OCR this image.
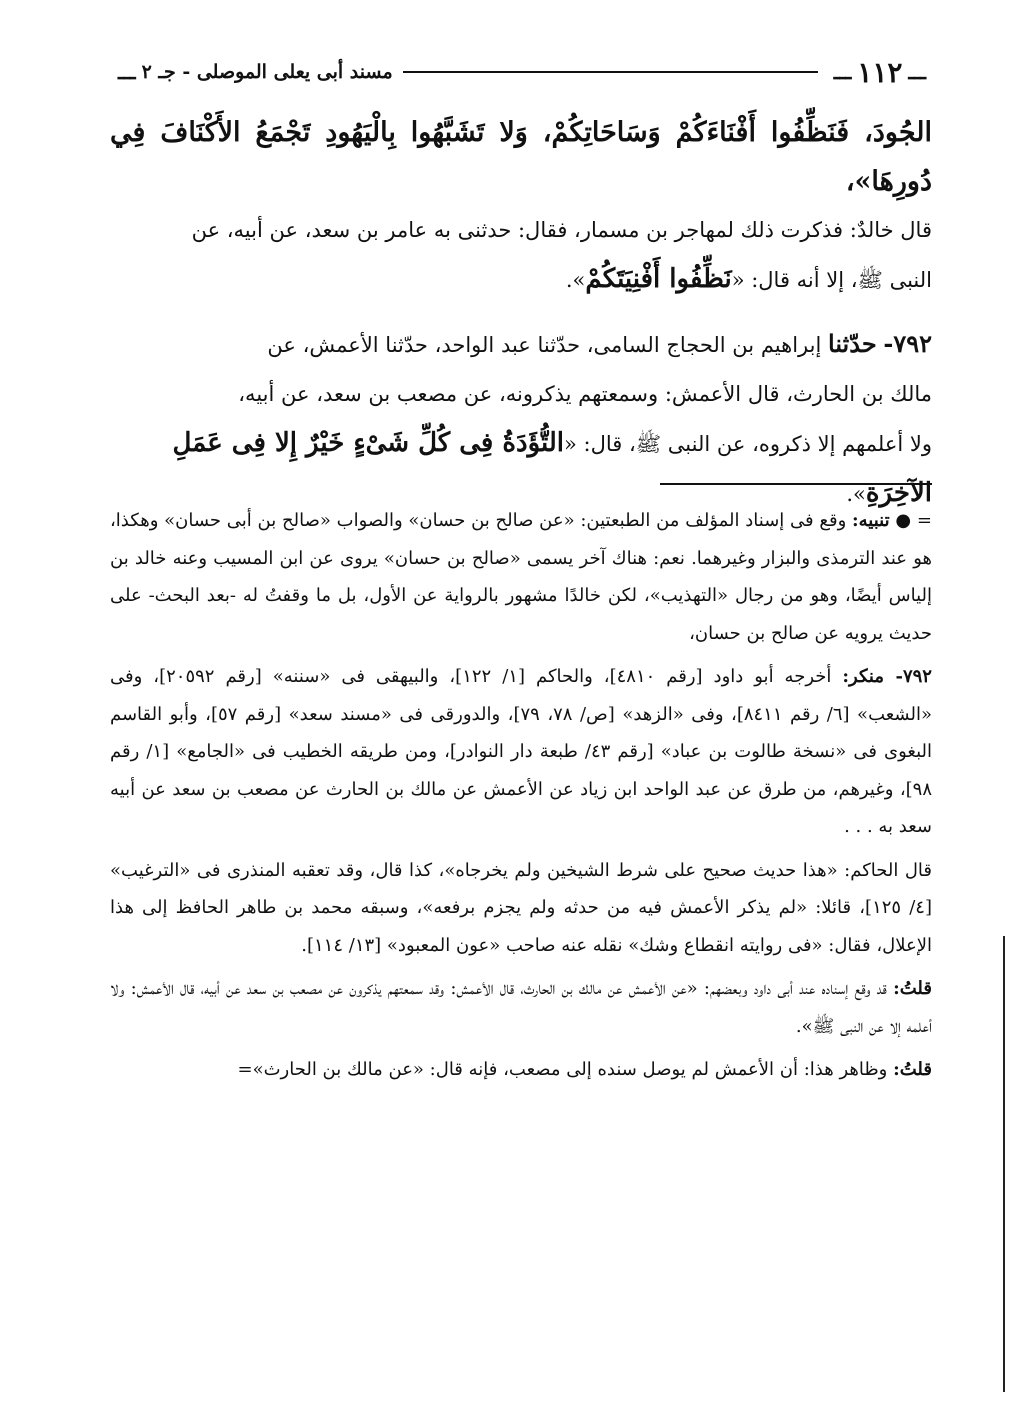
ـــ
١١٢
ـــ
مسند أبى يعلى الموصلى - جـ ٢
ـــ

الجُودَ، فَنَظِّفُوا أَفْنَاءَكُمْ وَسَاحَاتِكُمْ، وَلا تَشَبَّهُوا بِالْيَهُودِ تَجْمَعُ الأَكْنَافَ فِي دُورِهَا»،
قال خالدٌ: فذكرت ذلك لمهاجر بن مسمار، فقال: حدثنى به عامر بن سعد، عن أبيه، عن
النبى ﷺ، إلا أنه قال: «نَظِّفُوا أَفْنِيَتَكُمْ».

٧٩٢- حدّثنا إبراهيم بن الحجاج السامى، حدّثنا عبد الواحد، حدّثنا الأعمش، عن
مالك بن الحارث، قال الأعمش: وسمعتهم يذكرونه، عن مصعب بن سعد، عن أبيه،
ولا أعلمهم إلا ذكروه، عن النبى ﷺ، قال: «التُّؤَدَةُ فِى كُلِّ شَىْءٍ خَيْرٌ إِلا فِى عَمَلِ
الآخِرَةِ».

= ● تنبيه: وقع فى إسناد المؤلف من الطبعتين: «عن صالح بن حسان» والصواب «صالح بن أبى حسان» وهكذا، هو عند الترمذى والبزار وغيرهما. نعم: هناك آخر يسمى «صالح بن حسان» يروى عن ابن المسيب وعنه خالد بن إلياس أيضًا، وهو من رجال «التهذيب»، لكن خالدًا مشهور بالرواية عن الأول، بل ما وقفتُ له -بعد البحث- على حديث يرويه عن صالح بن حسان،

٧٩٢- منكر: أخرجه أبو داود [رقم ٤٨١٠]، والحاكم [١/ ١٢٢]، والبيهقى فى «سننه» [رقم ٢٠٥٩٢]، وفى «الشعب» [٦/ رقم ٨٤١١]، وفى «الزهد» [ص/ ٧٨، ٧٩]، والدورقى فى «مسند سعد» [رقم ٥٧]، وأبو القاسم البغوى فى «نسخة طالوت بن عباد» [رقم ٤٣/ طبعة دار النوادر]، ومن طريقه الخطيب فى «الجامع» [١/ رقم ٩٨]، وغيرهم، من طرق عن عبد الواحد ابن زياد عن الأعمش عن مالك بن الحارث عن مصعب بن سعد عن أبيه سعد به . . .

قال الحاكم: «هذا حديث صحيح على شرط الشيخين ولم يخرجاه»، كذا قال، وقد تعقبه المنذرى فى «الترغيب» [٤/ ١٢٥]، قائلا: «لم يذكر الأعمش فيه من حدثه ولم يجزم برفعه»، وسبقه محمد بن طاهر الحافظ إلى هذا الإعلال، فقال: «فى روايته انقطاع وشك» نقله عنه صاحب «عون المعبود» [١٣/ ١١٤].

قلتُ: قد وقع إسناده عند أبى داود وبعضهم: «عن الأعمش عن مالك بن الحارث، قال الأعمش: وقد سمعتهم يذكرون عن مصعب بن سعد عن أبيه، قال الأعمش: ولا أعلمه إلا عن النبى ﷺ».

قلتُ: وظاهر هذا: أن الأعمش لم يوصل سنده إلى مصعب، فإنه قال: «عن مالك بن الحارث»=
